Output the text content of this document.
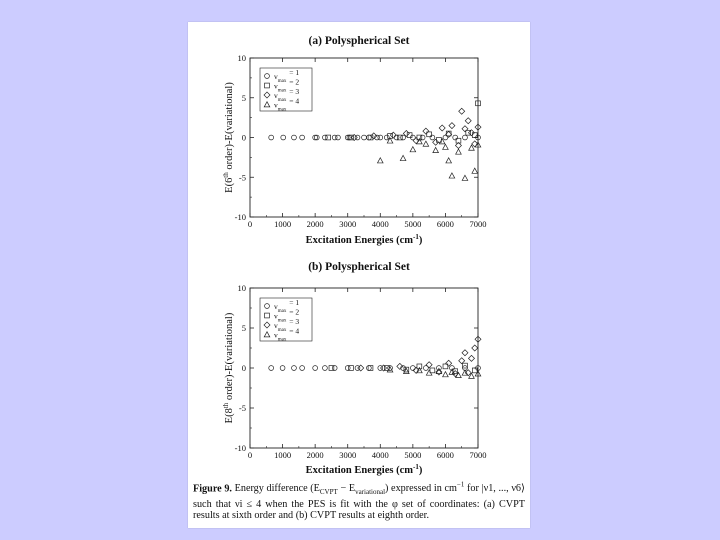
(a) Polyspherical Set
0	1000 2000 3000 4000 5000 6000 7000
-10
-5
0
5
10
Excitation Energies $(cm^{-1})$
E(6th order)-E(variational)
$v_{max}$ $^{= 1}$
$v_{max}$ $^{= 2}$
$v_{max}$ $^{= 3}$
$v_{max}$ $^{= 4}$
(b) Polyspherical Set
0	1000 2000 3000 4000 5000 6000 7000
-10
-5
0
5
10
Excitation Energies $(cm^{-1})$
E(8th order)-E(variational)
$v_{max}$ $^{= 1}$
$v_{max}$ $^{= 2}$
$v_{max}$ $^{= 3}$
$v_{max}$ $^{= 4}$
Figure 9. Energy difference $(E_{CVPT} - E_{variational})$ expressed in $cm^{-1}$ for |ν1, ..., ν6⟩ such that νi ≤ 4 when the PES is fit with the φ set of coordinates: (a) CVPT results at sixth order and (b) CVPT results at eighth order.
